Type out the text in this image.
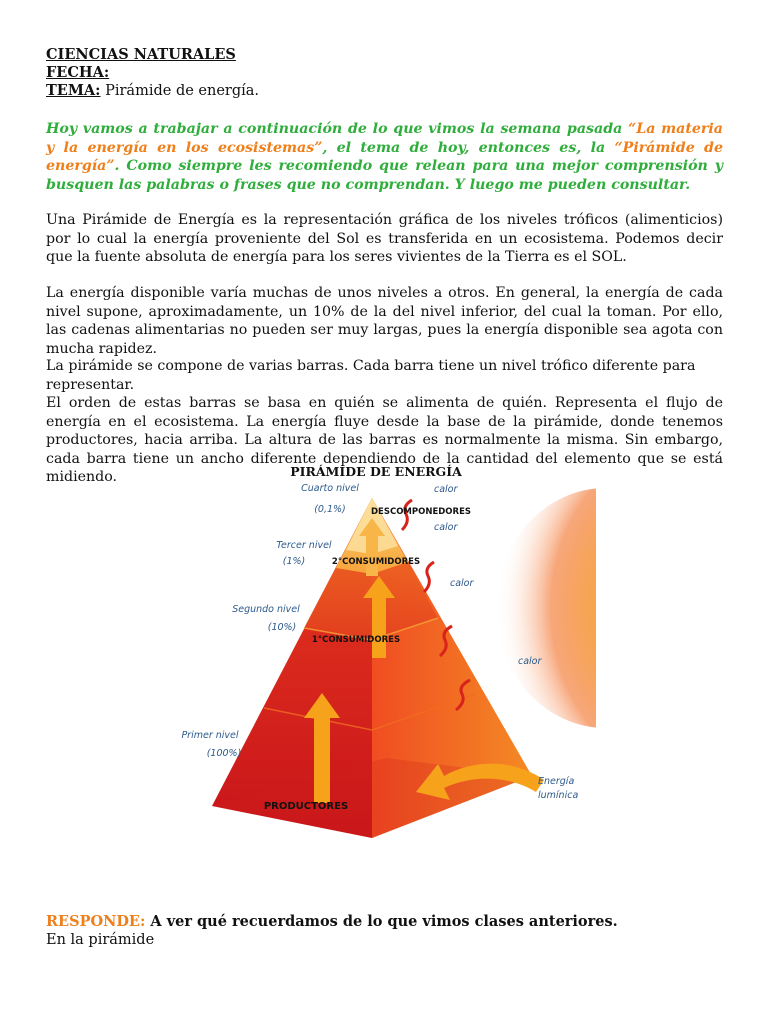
CIENCIAS NATURALES
FECHA:
TEMA: Pirámide de energía.
Hoy vamos a trabajar a continuación de lo que vimos la semana pasada “La materia y la energía en los ecosistemas”, el tema de hoy, entonces es, la “Pirámide de energía”. Como siempre les recomiendo que relean para una mejor comprensión y busquen las palabras o frases que no comprendan. Y luego me pueden consultar.
Una Pirámide de Energía es la representación gráfica de los niveles tróficos (alimenticios) por lo cual la energía proveniente del Sol es transferida en un ecosistema. Podemos decir que la fuente absoluta de energía para los seres vivientes de la Tierra es el SOL.
La energía disponible varía muchas de unos niveles a otros. En general, la energía de cada nivel supone, aproximadamente, un 10% de la del nivel inferior, del cual la toman. Por ello, las cadenas alimentarias no pueden ser muy largas, pues la energía disponible sea agota con mucha rapidez.
La pirámide se compone de varias barras. Cada barra tiene un nivel trófico diferente para representar.
El orden de estas barras se basa en quién se alimenta de quién. Representa el flujo de energía en el ecosistema. La energía fluye desde la base de la pirámide, donde tenemos productores, hacia arriba. La altura de las barras es normalmente la misma. Sin embargo, cada barra tiene un ancho diferente dependiendo de la cantidad del elemento que se está midiendo.	PIRÁMIDE DE ENERGÍA
Cuarto nivel
(0,1%)
Tercer nivel
(1%)
Segundo nivel
(10%)
Primer nivel
(100%)
DESCOMPONEDORES
2°CONSUMIDORES
1°CONSUMIDORES
PRODUCTORES
calor
calor
calor
calor
Energía
lumínica
RESPONDE: A ver qué recuerdamos de lo que vimos clases anteriores.
En la pirámide
